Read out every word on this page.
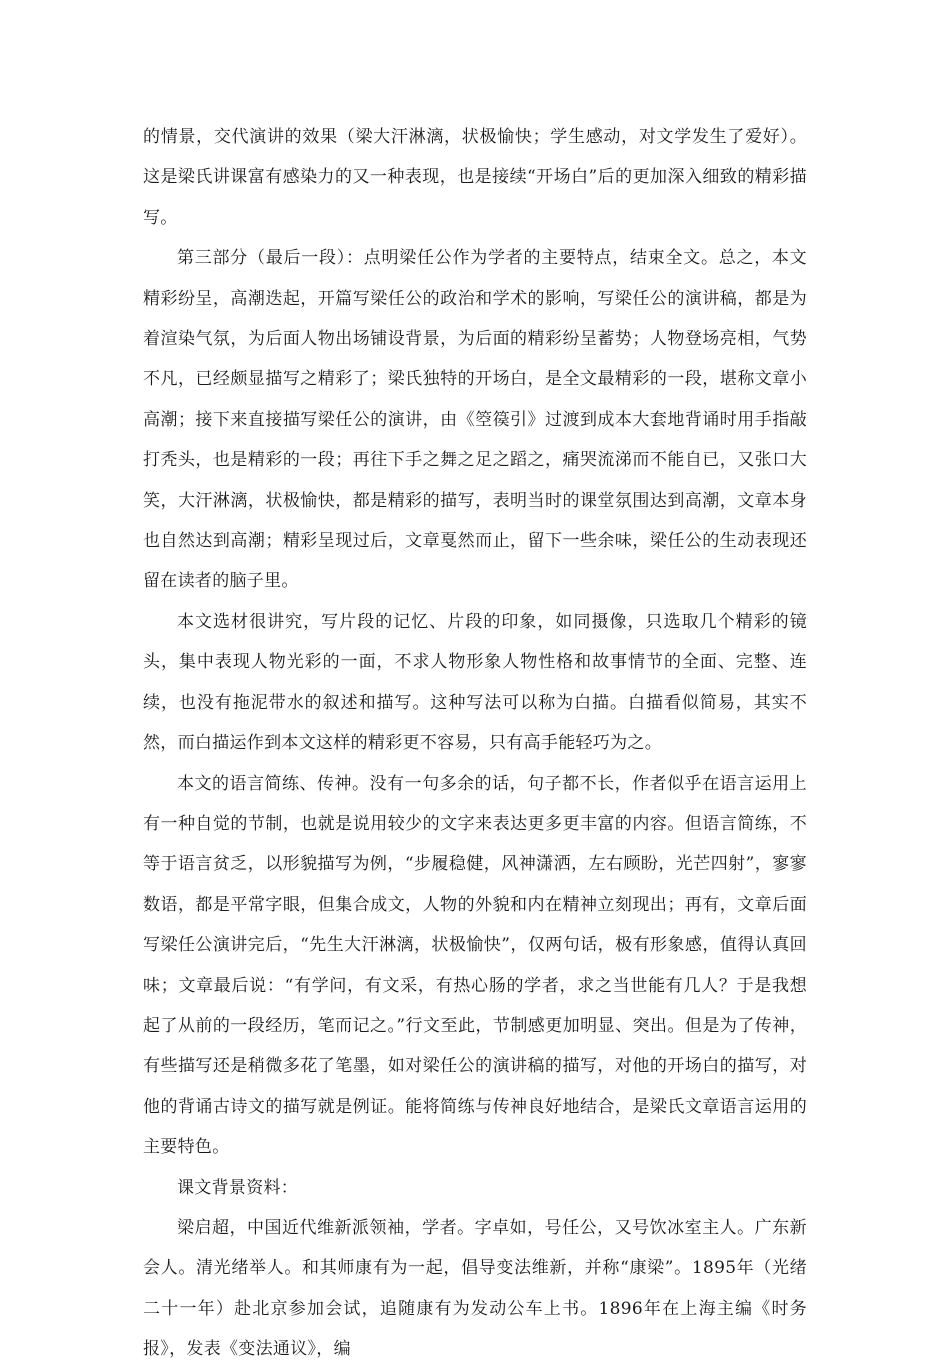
的情景，交代演讲的效果（梁大汗淋漓，状极愉快；学生感动，对文学发生了爱好）。这是梁氏讲课富有感染力的又一种表现，也是接续“开场白”后的更加深入细致的精彩描写。

第三部分（最后一段）：点明梁任公作为学者的主要特点，结束全文。总之，本文精彩纷呈，高潮迭起，开篇写梁任公的政治和学术的影响，写梁任公的演讲稿，都是为着渲染气氛，为后面人物出场铺设背景，为后面的精彩纷呈蓄势；人物登场亮相，气势不凡，已经颇显描写之精彩了；梁氏独特的开场白，是全文最精彩的一段，堪称文章小高潮；接下来直接描写梁任公的演讲，由《箜篌引》过渡到成本大套地背诵时用手指敲打秃头，也是精彩的一段；再往下手之舞之足之蹈之，痛哭流涕而不能自已，又张口大笑，大汗淋漓，状极愉快，都是精彩的描写，表明当时的课堂氛围达到高潮，文章本身也自然达到高潮；精彩呈现过后，文章戛然而止，留下一些余味，梁任公的生动表现还留在读者的脑子里。

本文选材很讲究，写片段的记忆、片段的印象，如同摄像，只选取几个精彩的镜头，集中表现人物光彩的一面，不求人物形象人物性格和故事情节的全面、完整、连续，也没有拖泥带水的叙述和描写。这种写法可以称为白描。白描看似简易，其实不然，而白描运作到本文这样的精彩更不容易，只有高手能轻巧为之。

本文的语言简练、传神。没有一句多余的话，句子都不长，作者似乎在语言运用上有一种自觉的节制，也就是说用较少的文字来表达更多更丰富的内容。但语言简练，不等于语言贫乏，以形貌描写为例，“步履稳健，风神潇洒，左右顾盼，光芒四射”，寥寥数语，都是平常字眼，但集合成文，人物的外貌和内在精神立刻现出；再有，文章后面写梁任公演讲完后，“先生大汗淋漓，状极愉快”，仅两句话，极有形象感，值得认真回味；文章最后说：“有学问，有文采，有热心肠的学者，求之当世能有几人？于是我想起了从前的一段经历，笔而记之。”行文至此，节制感更加明显、突出。但是为了传神，有些描写还是稍微多花了笔墨，如对梁任公的演讲稿的描写，对他的开场白的描写，对他的背诵古诗文的描写就是例证。能将简练与传神良好地结合，是梁氏文章语言运用的主要特色。

课文背景资料：

梁启超，中国近代维新派领袖，学者。字卓如，号任公，又号饮冰室主人。广东新会人。清光绪举人。和其师康有为一起，倡导变法维新，并称“康梁”。1895年（光绪二十一年）赴北京参加会试，追随康有为发动公车上书。1896年在上海主编《时务报》，发表《变法通议》，编
